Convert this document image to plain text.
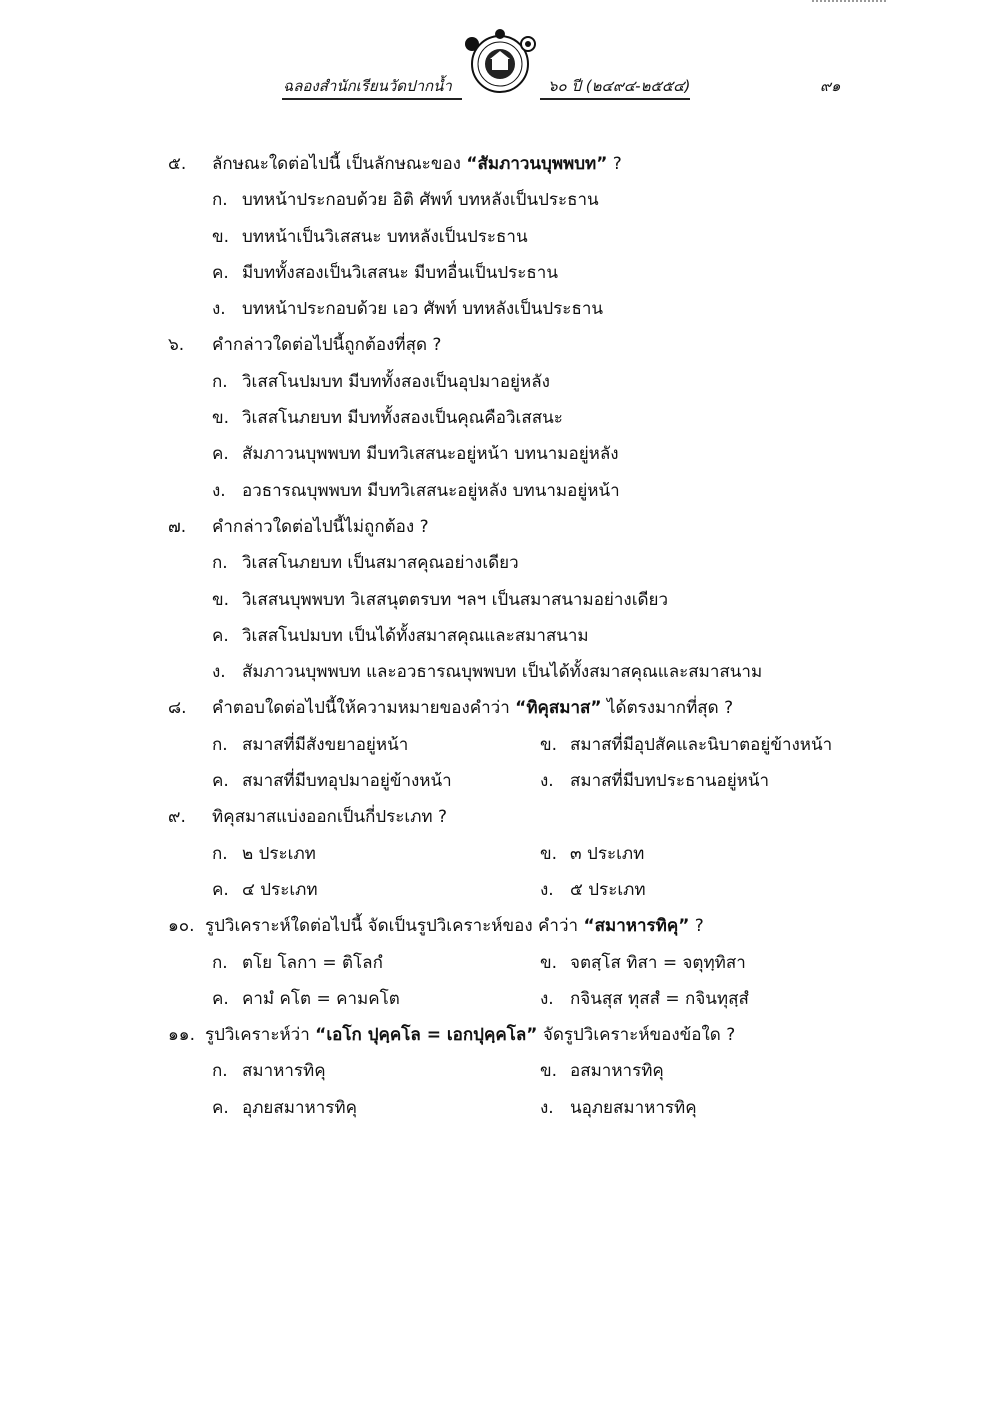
ฉลองสำนักเรียนวัดปากน้ำ	๖๐ ปี (๒๔๙๔-๒๕๕๔)	๙๑
๕. ลักษณะใดต่อไปนี้ เป็นลักษณะของ “สัมภาวนบุพพบท” ?
ก. บทหน้าประกอบด้วย อิติ ศัพท์ บทหลังเป็นประธาน
ข. บทหน้าเป็นวิเสสนะ บทหลังเป็นประธาน
ค. มีบททั้งสองเป็นวิเสสนะ มีบทอื่นเป็นประธาน
ง. บทหน้าประกอบด้วย เอว ศัพท์ บทหลังเป็นประธาน
๖. คำกล่าวใดต่อไปนี้ถูกต้องที่สุด ?
ก. วิเสสโนปมบท มีบททั้งสองเป็นอุปมาอยู่หลัง
ข. วิเสสโนภยบท มีบททั้งสองเป็นคุณคือวิเสสนะ
ค. สัมภาวนบุพพบท มีบทวิเสสนะอยู่หน้า บทนามอยู่หลัง
ง. อวธารณบุพพบท มีบทวิเสสนะอยู่หลัง บทนามอยู่หน้า
๗. คำกล่าวใดต่อไปนี้ไม่ถูกต้อง ?
ก. วิเสสโนภยบท เป็นสมาสคุณอย่างเดียว
ข. วิเสสนบุพพบท วิเสสนุตตรบท ฯลฯ เป็นสมาสนามอย่างเดียว
ค. วิเสสโนปมบท เป็นได้ทั้งสมาสคุณและสมาสนาม
ง. สัมภาวนบุพพบท และอวธารณบุพพบท เป็นได้ทั้งสมาสคุณและสมาสนาม
๘. คำตอบใดต่อไปนี้ให้ความหมายของคำว่า “ทิคุสมาส” ได้ตรงมากที่สุด ?
ก. สมาสที่มีสังขยาอยู่หน้า	ข. สมาสที่มีอุปสัคและนิบาตอยู่ข้างหน้า
ค. สมาสที่มีบทอุปมาอยู่ข้างหน้า	ง. สมาสที่มีบทประธานอยู่หน้า
๙. ทิคุสมาสแบ่งออกเป็นกี่ประเภท ?
ก. ๒ ประเภท	ข. ๓ ประเภท
ค. ๔ ประเภท	ง. ๕ ประเภท
๑๐. รูปวิเคราะห์ใดต่อไปนี้ จัดเป็นรูปวิเคราะห์ของ คำว่า “สมาหารทิคุ” ?
ก. ตโย โลกา = ติโลกํ	ข. จตสฺโส ทิสา = จตุทฺทิสา
ค. คามํ คโต = คามคโต	ง. กจินสุส ทุสสํ = กจินทุสฺสํ
๑๑. รูปวิเคราะห์ว่า “เอโก ปุคฺคโล = เอกปุคฺคโล” จัดรูปวิเคราะห์ของข้อใด ?
ก. สมาหารทิคุ	ข. อสมาหารทิคุ
ค. อุภยสมาหารทิคุ	ง. นอุภยสมาหารทิคุ
